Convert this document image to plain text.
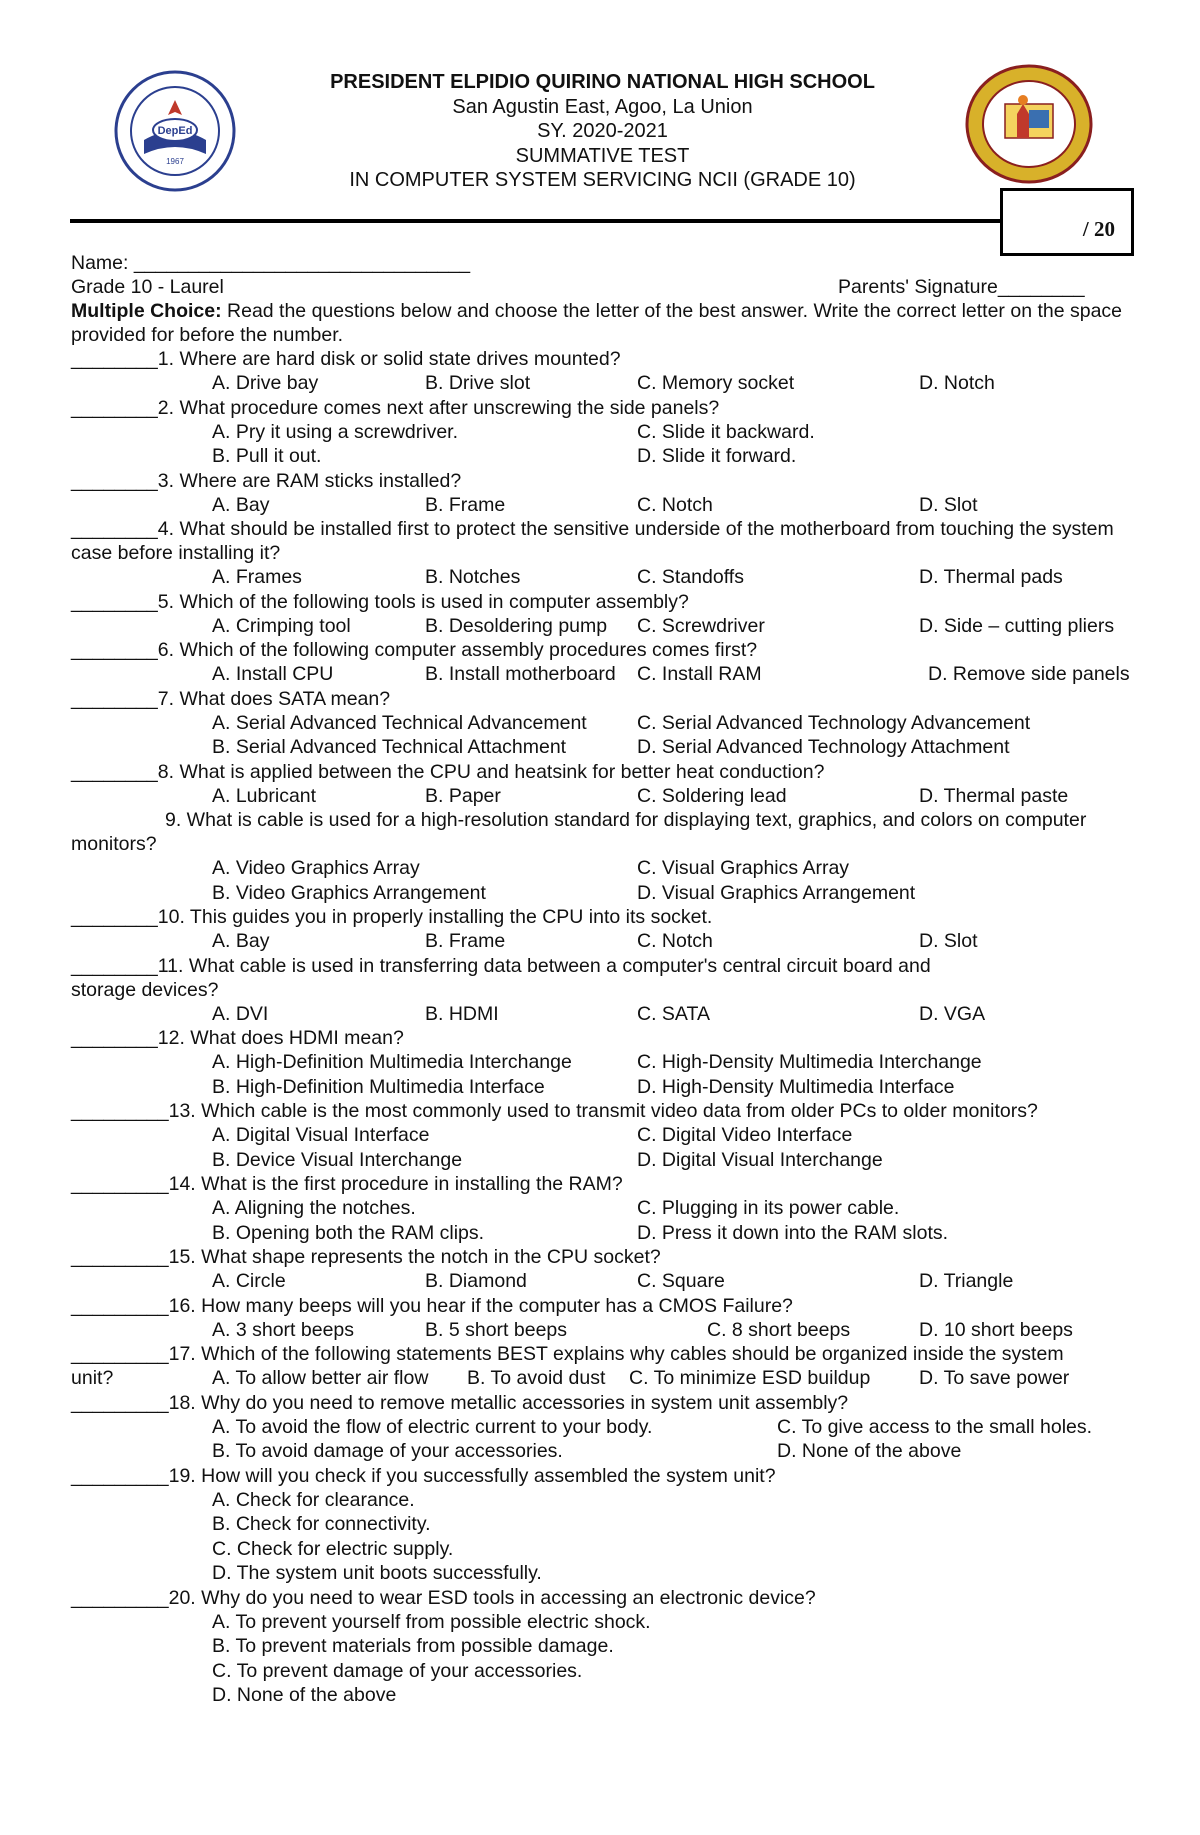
DepEd
1967
PRESIDENT ELPIDIO QUIRINO NATIONAL HIGH SCHOOL
San Agustin East, Agoo, La Union
SY. 2020-2021
SUMMATIVE TEST
IN COMPUTER SYSTEM SERVICING NCII (GRADE 10)
/ 20
Name: _______________________________
Grade 10 - Laurel	Parents' Signature________
Multiple Choice: Read the questions below and choose the letter of the best answer. Write the correct letter on the space provided for before the number.
________1. Where are hard disk or solid state drives mounted?
A. Drive bay	B. Drive slot	C. Memory socket	D. Notch
________2. What procedure comes next after unscrewing the side panels?
A. Pry it using a screwdriver.	C. Slide it backward.
B. Pull it out.	D. Slide it forward.
________3. Where are RAM sticks installed?
A. Bay	B. Frame	C. Notch	D. Slot
________4. What should be installed first to protect the sensitive underside of the motherboard from touching the system case before installing it?
A. Frames	B. Notches	C. Standoffs	D. Thermal pads
________5. Which of the following tools is used in computer assembly?
A. Crimping tool	B. Desoldering pump C. Screwdriver	D. Side – cutting pliers
________6. Which of the following computer assembly procedures comes first?
A. Install CPU	B. Install motherboard C. Install RAM	D. Remove side panels
________7. What does SATA mean?
A. Serial Advanced Technical Advancement	C. Serial Advanced Technology Advancement
B. Serial Advanced Technical Attachment	D. Serial Advanced Technology Attachment
________8. What is applied between the CPU and heatsink for better heat conduction?
A. Lubricant	B. Paper	C. Soldering lead	D. Thermal paste
9. What is cable is used for a high-resolution standard for displaying text, graphics, and colors on computer monitors?
A. Video Graphics Array	C. Visual Graphics Array
B. Video Graphics Arrangement	D. Visual Graphics Arrangement
________10. This guides you in properly installing the CPU into its socket.
A. Bay	B. Frame	C. Notch	D. Slot
________11. What cable is used in transferring data between a computer's central circuit board and storage devices?
A. DVI	B. HDMI	C. SATA	D. VGA
________12. What does HDMI mean?
A. High-Definition Multimedia Interchange	C. High-Density Multimedia Interchange
B. High-Definition Multimedia Interface	D. High-Density Multimedia Interface
_________13. Which cable is the most commonly used to transmit video data from older PCs to older monitors?
A. Digital Visual Interface	C. Digital Video Interface
B. Device Visual Interchange	D. Digital Visual Interchange
_________14. What is the first procedure in installing the RAM?
A. Aligning the notches.	C. Plugging in its power cable.
B. Opening both the RAM clips.	D. Press it down into the RAM slots.
_________15. What shape represents the notch in the CPU socket?
A. Circle	B. Diamond	C. Square	D. Triangle
_________16. How many beeps will you hear if the computer has a CMOS Failure?
A. 3 short beeps	B. 5 short beeps	C. 8 short beeps	D. 10 short beeps
_________17. Which of the following statements BEST explains why cables should be organized inside the system
unit?	A. To allow better air flow B. To avoid dust C. To minimize ESD buildup D. To save power
_________18. Why do you need to remove metallic accessories in system unit assembly?
A. To avoid the flow of electric current to your body.	C. To give access to the small holes.
B. To avoid damage of your accessories.	D. None of the above
_________19. How will you check if you successfully assembled the system unit?
A. Check for clearance.
B. Check for connectivity.
C. Check for electric supply.
D. The system unit boots successfully.
_________20. Why do you need to wear ESD tools in accessing an electronic device?
A. To prevent yourself from possible electric shock.
B. To prevent materials from possible damage.
C. To prevent damage of your accessories.
D. None of the above
